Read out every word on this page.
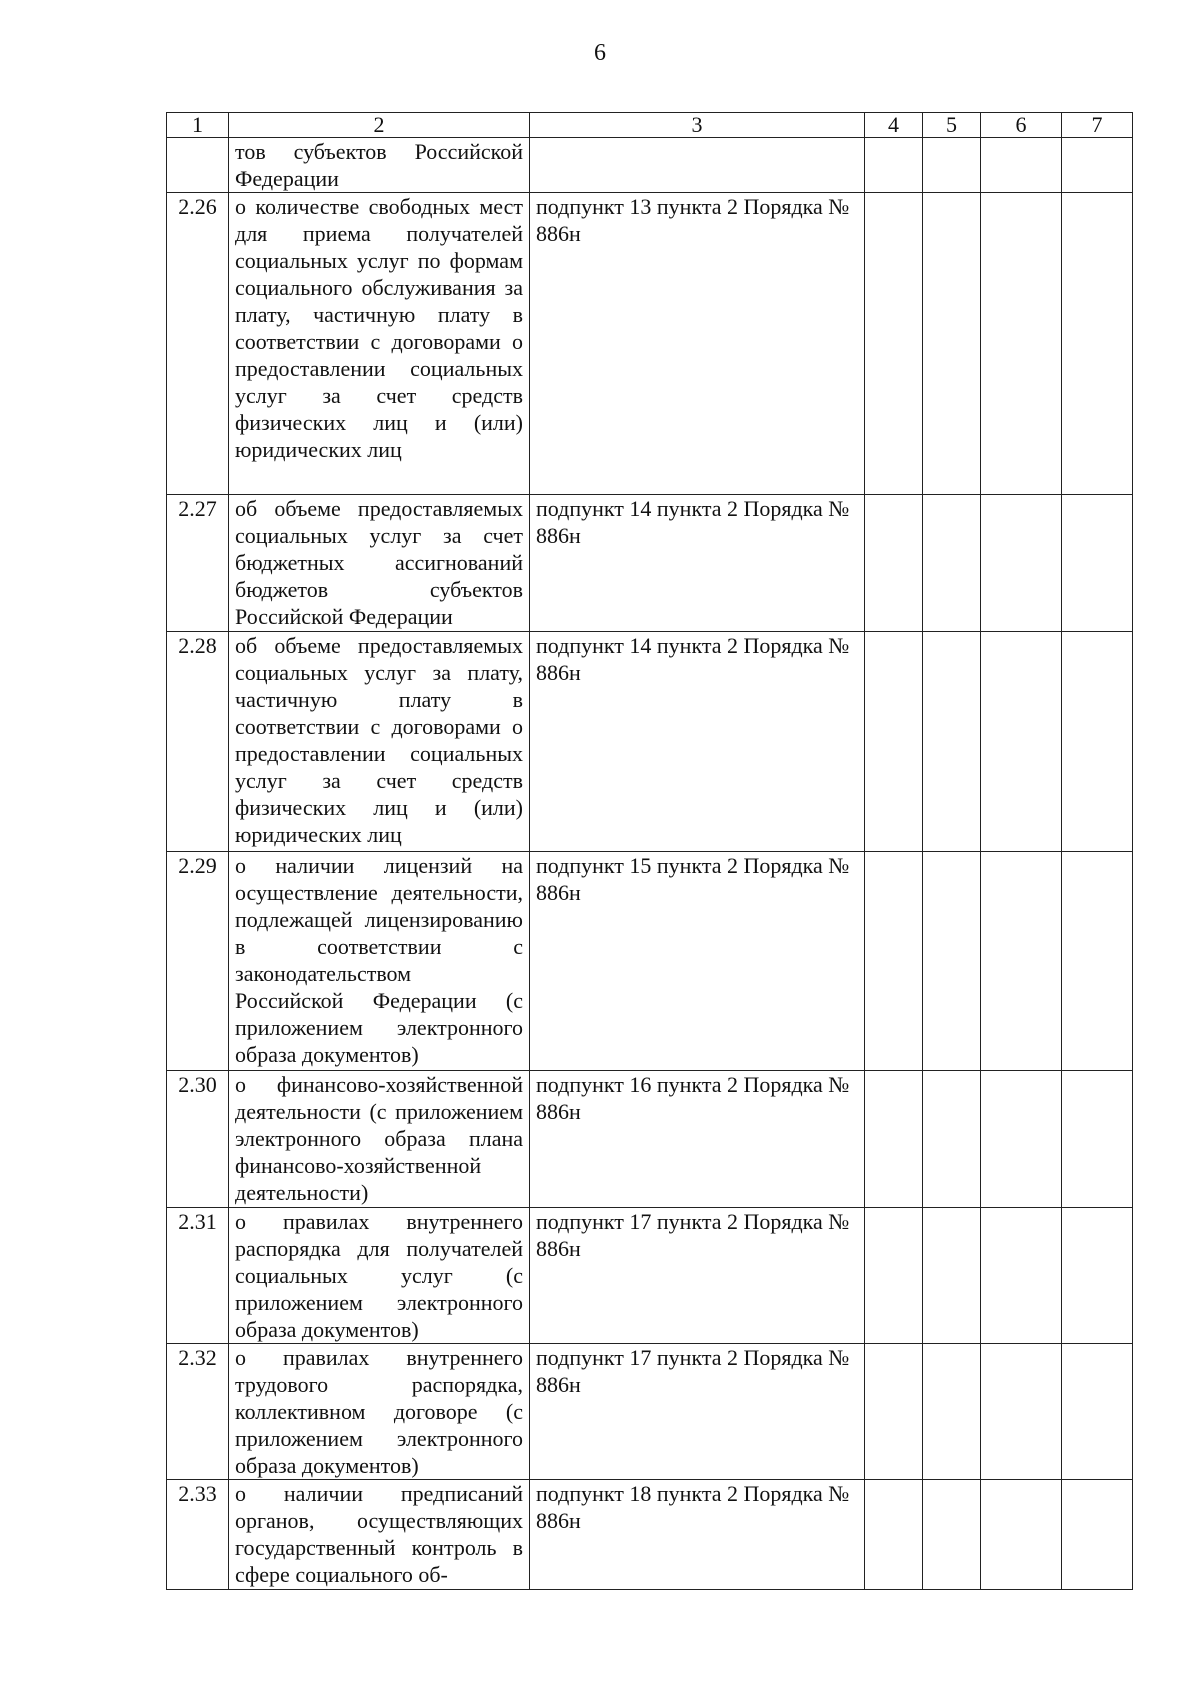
6
1	2	3	4	5	6	7
	тов субъектов Российской Федерации					
2.26	о количестве свободных мест для приема получателей социальных услуг по формам социального обслуживания за плату, частичную плату в соответствии с договорами о предоставлении социальных услуг за счет средств физических лиц и (или) юридических лиц	подпункт 13 пункта 2 Порядка № 886н				
2.27	об объеме предоставляемых социальных услуг за счет бюджетных ассигнований бюджетов субъектов Российской Федерации	подпункт 14 пункта 2 Порядка № 886н				
2.28	об объеме предоставляемых социальных услуг за плату, частичную плату в соответствии с договорами о предоставлении социальных услуг за счет средств физических лиц и (или) юридических лиц	подпункт 14 пункта 2 Порядка № 886н				
2.29	о наличии лицензий на осуществление деятельности, подлежащей лицензированию в соответствии с законодательством Российской Федерации (с приложением электронного образа документов)	подпункт 15 пункта 2 Порядка № 886н				
2.30	о финансово-хозяйственной деятельности (с приложением электронного образа плана финансово-хозяйственной деятельности)	подпункт 16 пункта 2 Порядка № 886н				
2.31	о правилах внутреннего распорядка для получателей социальных услуг (с приложением электронного образа документов)	подпункт 17 пункта 2 Порядка № 886н				
2.32	о правилах внутреннего трудового распорядка, коллективном договоре (с приложением электронного образа документов)	подпункт 17 пункта 2 Порядка № 886н				
2.33	о наличии предписаний органов, осуществляющих государственный контроль в сфере социального об-	подпункт 18 пункта 2 Порядка № 886н				
